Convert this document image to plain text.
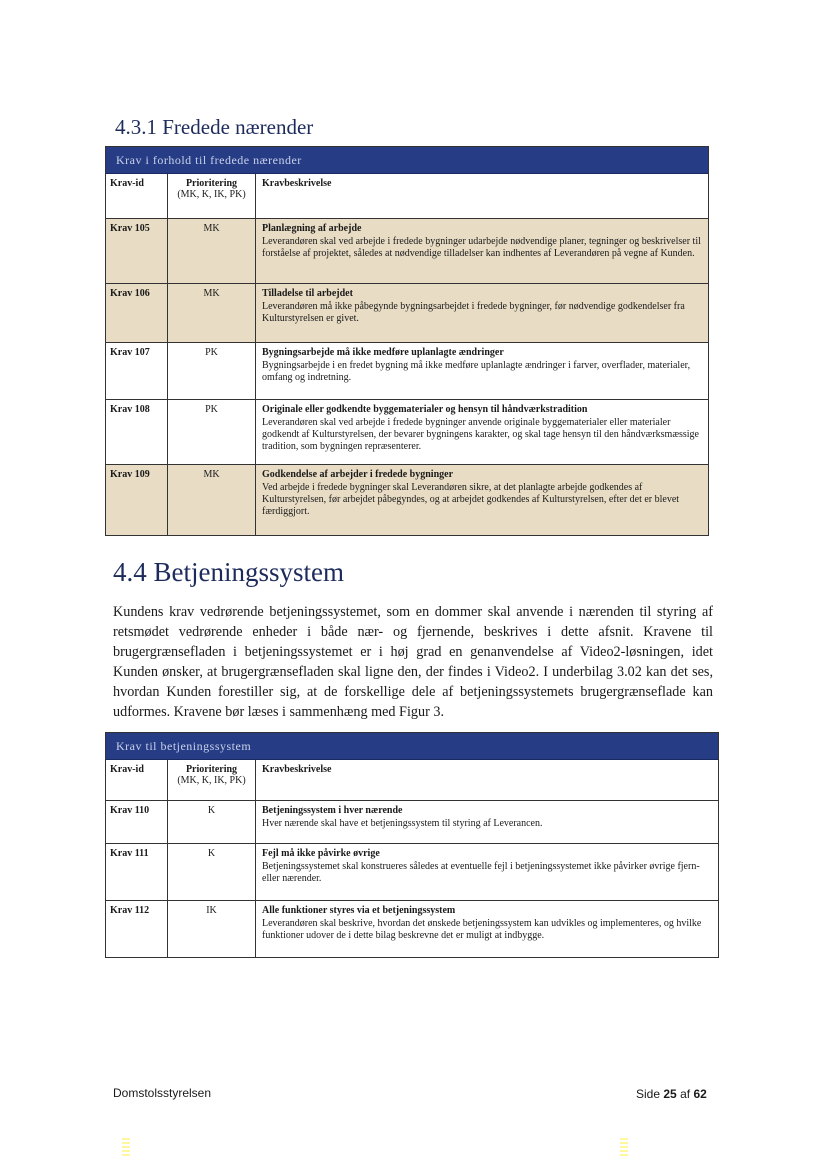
4.3.1 Fredede nærender
Krav i forhold til fredede nærender
Krav-id	Prioritering
(MK, K, IK, PK)
Kravbeskrivelse
Krav 105	MK	Planlægning af arbejde
Leverandøren skal ved arbejde i fredede bygninger udarbejde nødvendige planer, tegninger og beskrivelser til forståelse af projektet, således at nødvendige tilladelser kan indhentes af Leverandøren på vegne af Kunden.
Krav 106	MK	Tilladelse til arbejdet
Leverandøren må ikke påbegynde bygningsarbejdet i fredede bygninger, før nødvendige godkendelser fra Kulturstyrelsen er givet.
Krav 107	PK	Bygningsarbejde må ikke medføre uplanlagte ændringer
Bygningsarbejde i en fredet bygning må ikke medføre uplanlagte ændringer i farver, overflader, materialer, omfang og indretning.
Krav 108	PK	Originale eller godkendte byggematerialer og hensyn til håndværkstradition
Leverandøren skal ved arbejde i fredede bygninger anvende originale byggematerialer eller materialer godkendt af Kulturstyrelsen, der bevarer bygningens karakter, og skal tage hensyn til den håndværksmæssige tradition, som bygningen repræsenterer.
Krav 109	MK	Godkendelse af arbejder i fredede bygninger
Ved arbejde i fredede bygninger skal Leverandøren sikre, at det planlagte arbejde godkendes af Kulturstyrelsen, før arbejdet påbegyndes, og at arbejdet godkendes af Kulturstyrelsen, efter det er blevet færdiggjort.
4.4 Betjeningssystem

Kundens krav vedrørende betjeningssystemet, som en dommer skal anvende i nærenden til styring af retsmødet vedrørende enheder i både nær- og fjernende, beskrives i dette afsnit. Kravene til brugergrænsefladen i betjeningssystemet er i høj grad en genanvendelse af Video2-løsningen, idet Kunden ønsker, at brugergrænsefladen skal ligne den, der findes i Video2. I underbilag 3.02 kan det ses, hvordan Kunden forestiller sig, at de forskellige dele af betjeningssystemets brugergrænseflade kan udformes. Kravene bør læses i sammenhæng med Figur 3.

Krav til betjeningssystem
Krav-id	Prioritering
(MK, K, IK, PK)
Kravbeskrivelse
Krav 110	K	Betjeningssystem i hver nærende
Hver nærende skal have et betjeningssystem til styring af Leverancen.
Krav 111	K	Fejl må ikke påvirke øvrige
Betjeningssystemet skal konstrueres således at eventuelle fejl i betjeningssystemet ikke påvirker øvrige fjern- eller nærender.
Krav 112	IK	Alle funktioner styres via et betjeningssystem
Leverandøren skal beskrive, hvordan det ønskede betjeningssystem kan udvikles og implementeres, og hvilke funktioner udover de i dette bilag beskrevne det er muligt at indbygge.
Domstolsstyrelsen	Side 25 af 62
